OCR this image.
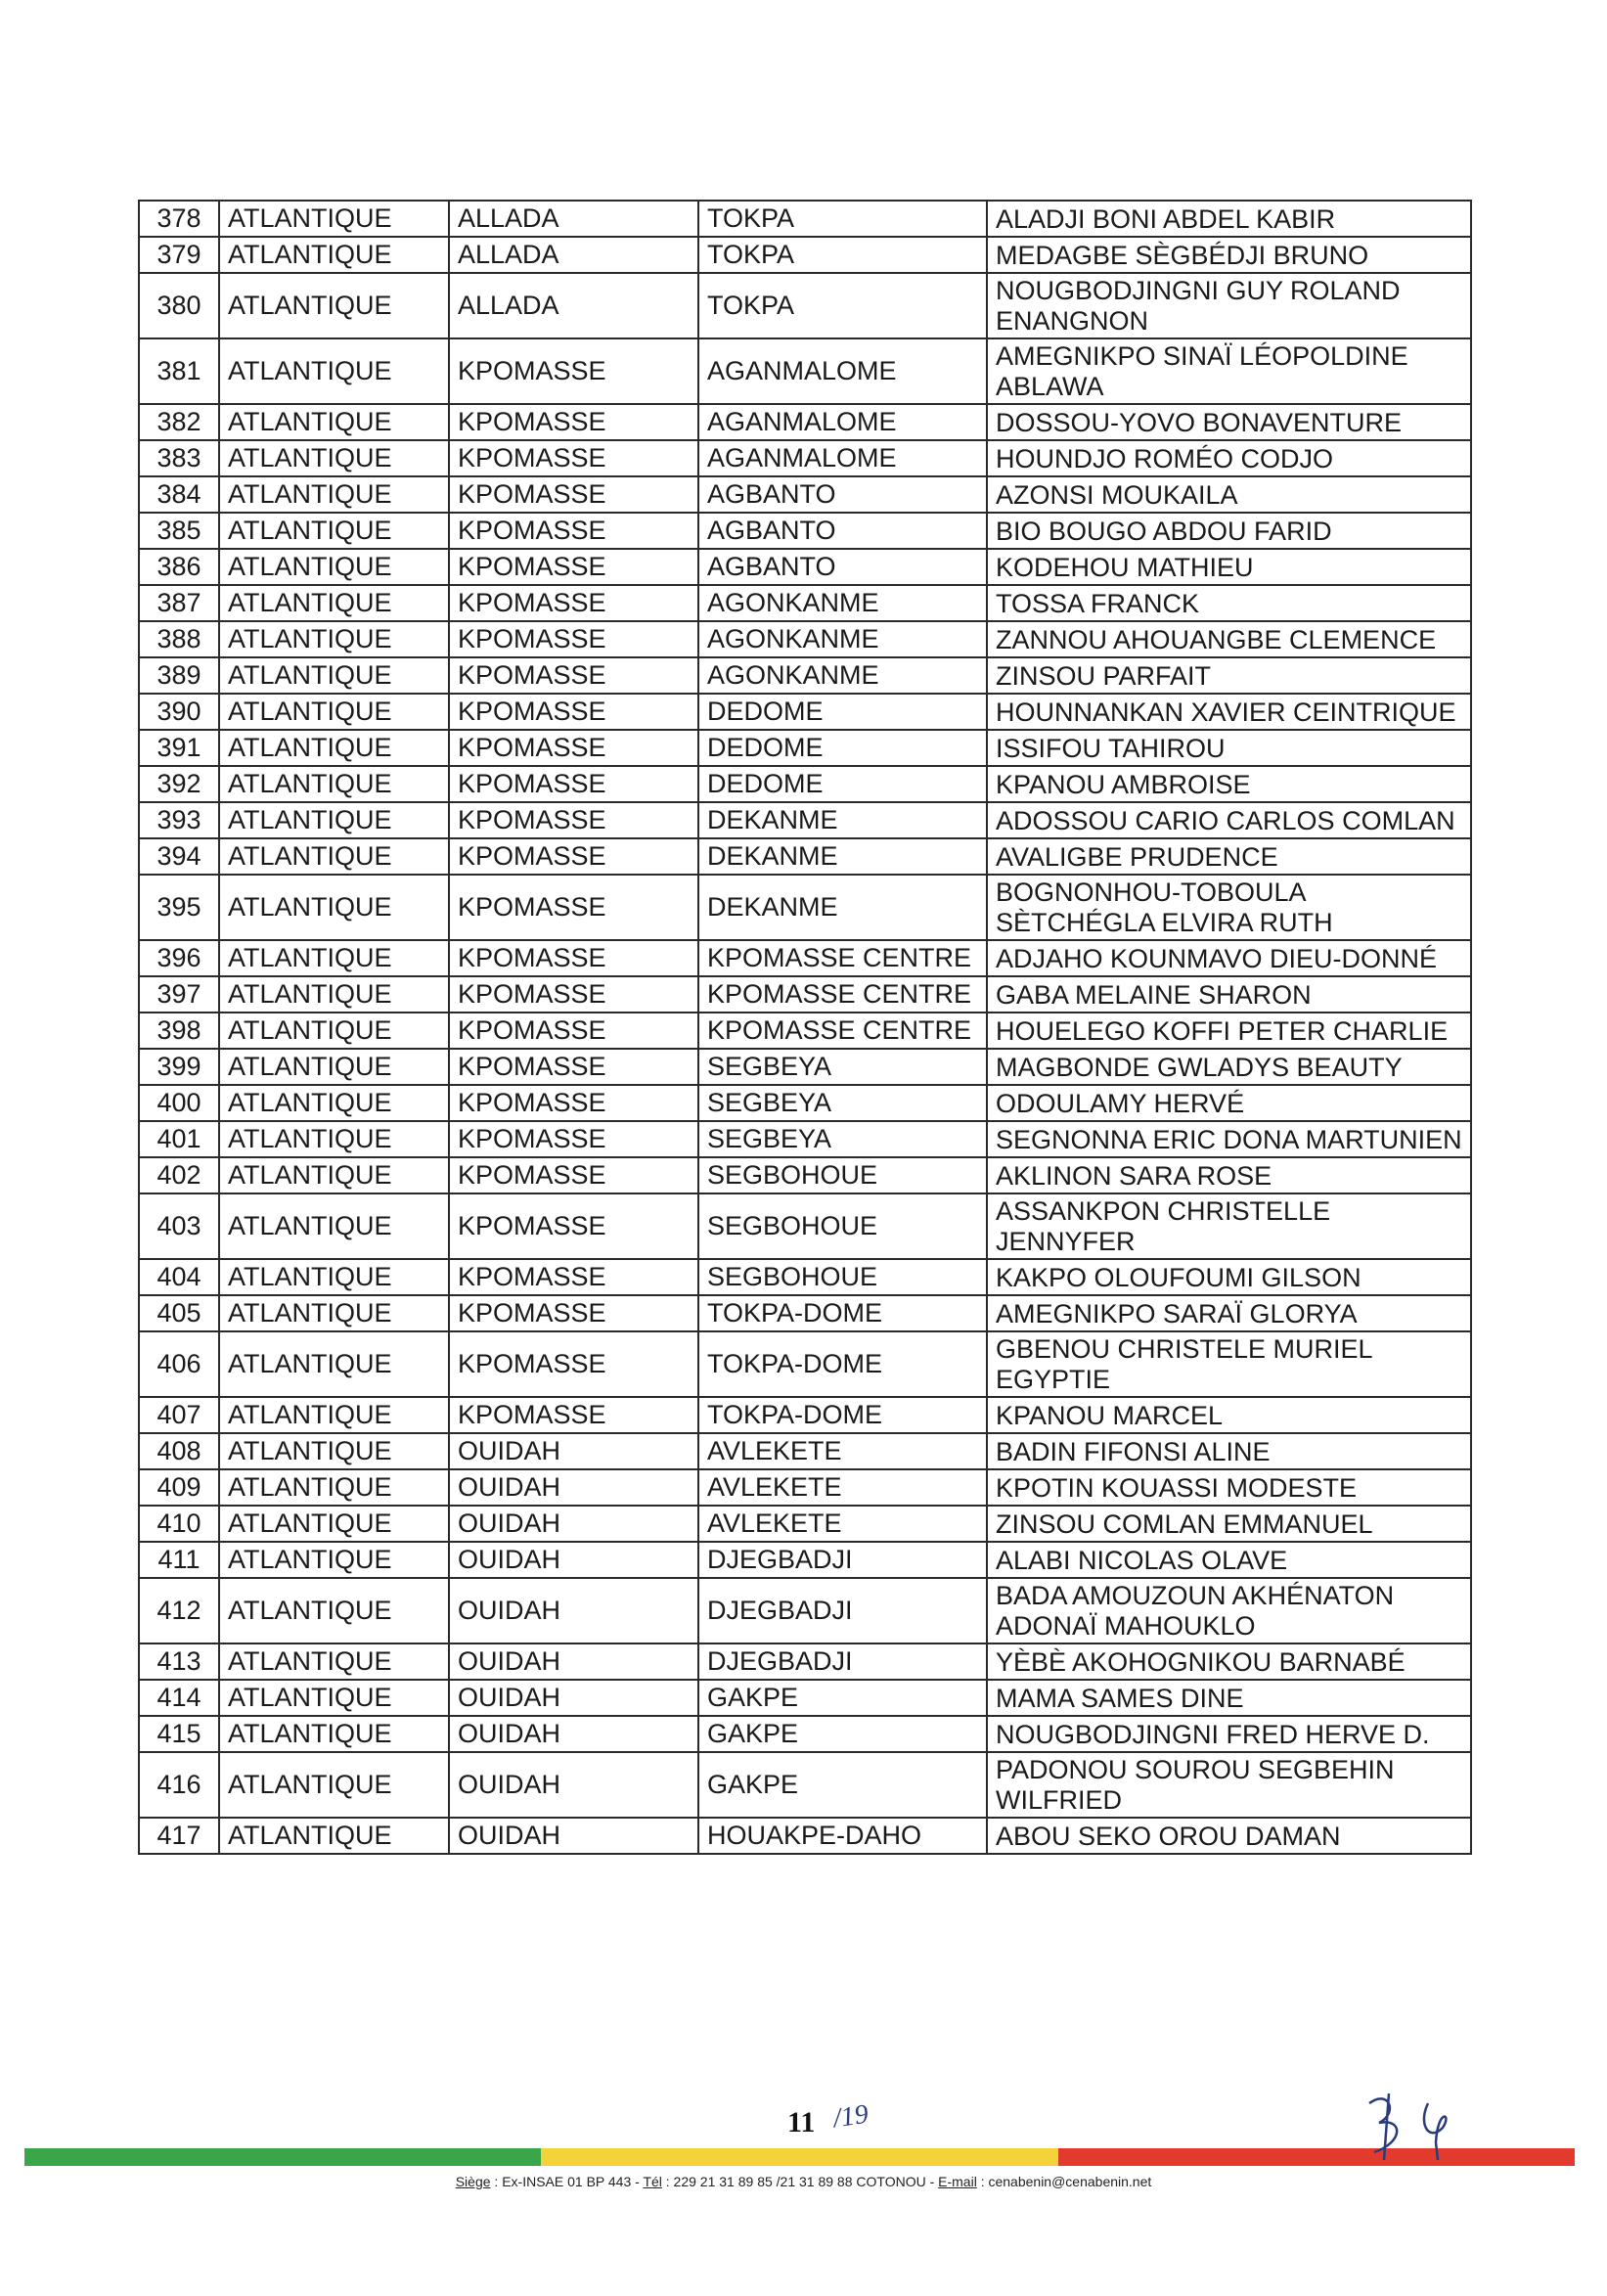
378	ATLANTIQUE	ALLADA	TOKPA	ALADJI BONI ABDEL KABIR
379	ATLANTIQUE	ALLADA	TOKPA	MEDAGBE SÈGBÉDJI BRUNO
380	ATLANTIQUE	ALLADA	TOKPA	NOUGBODJINGNI GUY ROLAND ENANGNON
381	ATLANTIQUE	KPOMASSE	AGANMALOME	AMEGNIKPO SINAÏ LÉOPOLDINE ABLAWA
382	ATLANTIQUE	KPOMASSE	AGANMALOME	DOSSOU-YOVO BONAVENTURE
383	ATLANTIQUE	KPOMASSE	AGANMALOME	HOUNDJO ROMÉO CODJO
384	ATLANTIQUE	KPOMASSE	AGBANTO	AZONSI MOUKAILA
385	ATLANTIQUE	KPOMASSE	AGBANTO	BIO BOUGO ABDOU FARID
386	ATLANTIQUE	KPOMASSE	AGBANTO	KODEHOU MATHIEU
387	ATLANTIQUE	KPOMASSE	AGONKANME	TOSSA FRANCK
388	ATLANTIQUE	KPOMASSE	AGONKANME	ZANNOU AHOUANGBE CLEMENCE
389	ATLANTIQUE	KPOMASSE	AGONKANME	ZINSOU PARFAIT
390	ATLANTIQUE	KPOMASSE	DEDOME	HOUNNANKAN XAVIER CEINTRIQUE
391	ATLANTIQUE	KPOMASSE	DEDOME	ISSIFOU TAHIROU
392	ATLANTIQUE	KPOMASSE	DEDOME	KPANOU AMBROISE
393	ATLANTIQUE	KPOMASSE	DEKANME	ADOSSOU CARIO CARLOS COMLAN
394	ATLANTIQUE	KPOMASSE	DEKANME	AVALIGBE PRUDENCE
395	ATLANTIQUE	KPOMASSE	DEKANME	BOGNONHOU-TOBOULA SÈTCHÉGLA ELVIRA RUTH
396	ATLANTIQUE	KPOMASSE	KPOMASSE CENTRE	ADJAHO KOUNMAVO DIEU-DONNÉ
397	ATLANTIQUE	KPOMASSE	KPOMASSE CENTRE	GABA MELAINE SHARON
398	ATLANTIQUE	KPOMASSE	KPOMASSE CENTRE	HOUELEGO KOFFI PETER CHARLIE
399	ATLANTIQUE	KPOMASSE	SEGBEYA	MAGBONDE GWLADYS BEAUTY
400	ATLANTIQUE	KPOMASSE	SEGBEYA	ODOULAMY HERVÉ
401	ATLANTIQUE	KPOMASSE	SEGBEYA	SEGNONNA ERIC DONA MARTUNIEN
402	ATLANTIQUE	KPOMASSE	SEGBOHOUE	AKLINON SARA ROSE
403	ATLANTIQUE	KPOMASSE	SEGBOHOUE	ASSANKPON CHRISTELLE JENNYFER
404	ATLANTIQUE	KPOMASSE	SEGBOHOUE	KAKPO OLOUFOUMI GILSON
405	ATLANTIQUE	KPOMASSE	TOKPA-DOME	AMEGNIKPO SARAÏ GLORYA
406	ATLANTIQUE	KPOMASSE	TOKPA-DOME	GBENOU CHRISTELE MURIEL EGYPTIE
407	ATLANTIQUE	KPOMASSE	TOKPA-DOME	KPANOU MARCEL
408	ATLANTIQUE	OUIDAH	AVLEKETE	BADIN FIFONSI ALINE
409	ATLANTIQUE	OUIDAH	AVLEKETE	KPOTIN KOUASSI MODESTE
410	ATLANTIQUE	OUIDAH	AVLEKETE	ZINSOU COMLAN EMMANUEL
411	ATLANTIQUE	OUIDAH	DJEGBADJI	ALABI NICOLAS OLAVE
412	ATLANTIQUE	OUIDAH	DJEGBADJI	BADA AMOUZOUN AKHÉNATON ADONAÏ MAHOUKLO
413	ATLANTIQUE	OUIDAH	DJEGBADJI	YÈBÈ AKOHOGNIKOU BARNABÉ
414	ATLANTIQUE	OUIDAH	GAKPE	MAMA SAMES DINE
415	ATLANTIQUE	OUIDAH	GAKPE	NOUGBODJINGNI FRED HERVE D.
416	ATLANTIQUE	OUIDAH	GAKPE	PADONOU SOUROU SEGBEHIN WILFRIED
417	ATLANTIQUE	OUIDAH	HOUAKPE-DAHO	ABOU SEKO OROU DAMAN
11 /19
Siège : Ex-INSAE 01 BP 443 - Tél : 229 21 31 89 85 /21 31 89 88 COTONOU - E-mail : cenabenin@cenabenin.net
